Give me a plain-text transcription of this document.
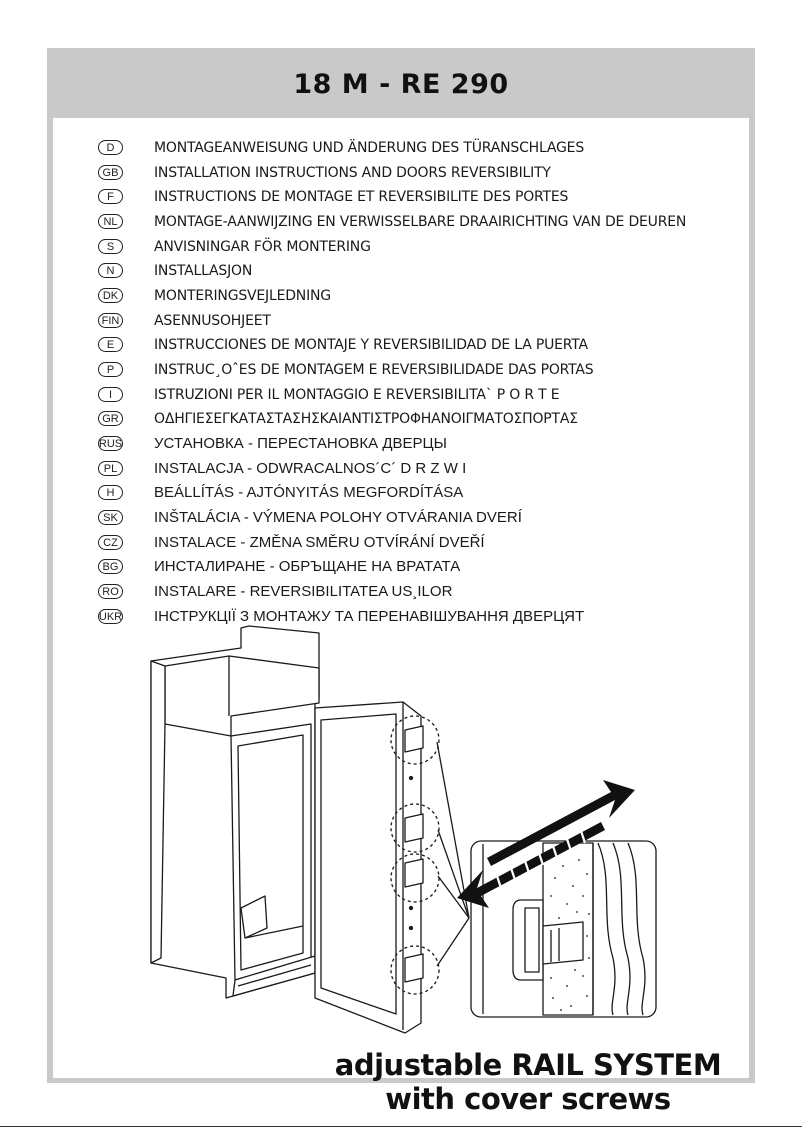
18 M - RE 290
D	MONTAGEANWEISUNG UND ÄNDERUNG DES TÜRANSCHLAGES
GB	INSTALLATION INSTRUCTIONS AND DOORS REVERSIBILITY
F	INSTRUCTIONS DE MONTAGE ET REVERSIBILITE DES PORTES
NL	MONTAGE-AANWIJZING EN VERWISSELBARE DRAAIRICHTING VAN DE DEUREN
S	ANVISNINGAR FÖR MONTERING
N	INSTALLASJON
DK	MONTERINGSVEJLEDNING
FIN ASENNUSOHJEET
E	INSTRUCCIONES DE MONTAJE Y REVERSIBILIDAD DE LA PUERTA
P	INSTRUC¸OˆES DE MONTAGEM E REVERSIBILIDADE DAS PORTAS
I	ISTRUZIONI PER IL MONTAGGIO E REVERSIBILITA` P O R T E
GR	ΟΔΗΓΙΕΣΕΓΚΑΤΑΣΤΑΣΗΣΚΑΙΑΝΤΙΣΤΡΟΦΗΑΝΟΙΓΜΑΤΟΣΠΟΡΤΑΣ
RUS УСТАНОВКА - ПЕРЕСТАНОВКА ДВЕРЦЫ
PL	INSTALACJA - ODWRACALNOS´C´ D R Z W I
H	BEÁLLÍTÁS - AJTÓNYITÁS MEGFORDÍTÁSA
SK	INŠTALÁCIA - VÝMENA POLOHY OTVÁRANIA DVERÍ
CZ	INSTALACE - ZMĚNA SMĚRU OTVÍRÁNÍ DVEŘÍ
BG	ИНСТАЛИРАНЕ - ОБРЪЩАНЕ НА ВРАТАТА
RO INSTALARE - REVERSIBILITATEA US¸ILOR
UKR ІНСТРУКЦІЇ З МОНТАЖУ ТА ПЕРЕНАВІШУВАННЯ ДВЕРЦЯТ
adjustable RAIL SYSTEM
with cover screws
